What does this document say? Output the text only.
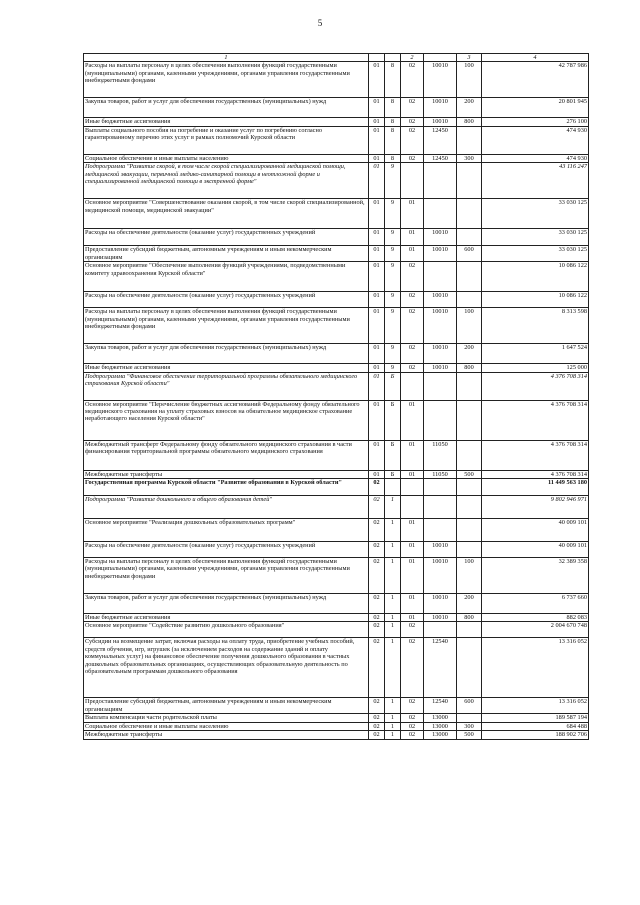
5
1			2		3	4
Расходы на выплаты персоналу в целях обеспечения выполнения функций государственными (муниципальными) органами, казенными учреждениями, органами управления государственными внебюджетными фондами	01	8	02	10010	100	42 787 986
Закупка товаров, работ и услуг для обеспечения государственных (муниципальных) нужд	01	8	02	10010	200	20 801 945
Иные бюджетные ассигнования	01	8	02	10010	800	276 100
Выплаты социального пособия на погребение и оказание услуг по погребению согласно гарантированному перечню этих услуг в рамках полномочий Курской области	01	8	02	12450		474 930
Социальное обеспечение и иные выплаты населению	01	8	02	12450	300	474 930
Подпрограмма "Развитие скорой, в том числе скорой специализированной медицинской помощи, медицинской эвакуации, первичной медико-санитарной помощи в неотложной форме и специализированной медицинской помощи в экстренной форме"	01	9				43 116 247
Основное мероприятие "Совершенствование оказания скорой, в том числе скорой специализированной, медицинской помощи, медицинской эвакуации"	01	9	01			33 030 125
Расходы на обеспечение деятельности (оказание услуг) государственных учреждений	01	9	01	10010		33 030 125
Предоставление субсидий бюджетным, автономным учреждениям и иным некоммерческим организациям	01	9	01	10010	600	33 030 125
Основное мероприятие "Обеспечение выполнения функций учреждениями, подведомственными комитету здравоохранения Курской области"	01	9	02			10 086 122
Расходы на обеспечение деятельности (оказание услуг) государственных учреждений	01	9	02	10010		10 086 122
Расходы на выплаты персоналу в целях обеспечения выполнения функций государственными (муниципальными) органами, казенными учреждениями, органами управления государственными внебюджетными фондами	01	9	02	10010	100	8 313 598
Закупка товаров, работ и услуг для обеспечения государственных (муниципальных) нужд	01	9	02	10010	200	1 647 524
Иные бюджетные ассигнования	01	9	02	10010	800	125 000
Подпрограмма "Финансовое обеспечение территориальной программы обязательного медицинского страхования Курской области"	01	Б				4 376 708 314
Основное мероприятие "Перечисление бюджетных ассигнований Федеральному фонду обязательного медицинского страхования на уплату страховых взносов на обязательное медицинское страхование неработающего населения Курской области"	01	Б	01			4 376 708 314
Межбюджетный трансферт Федеральному фонду обязательного медицинского страхования в части финансирования территориальной программы обязательного медицинского страхования	01	Б	01	11050		4 376 708 314
Межбюджетные трансферты	01	Б	01	11050	500	4 376 708 314
Государственная программа Курской области "Развитие образования в Курской области"	02					11 449 563 180
Подпрограмма "Развитие дошкольного и общего образования детей"	02	1				9 802 946 971
Основное мероприятие "Реализация дошкольных образовательных программ"	02	1	01			40 009 101
Расходы на обеспечение деятельности (оказание услуг) государственных учреждений	02	1	01	10010		40 009 101
Расходы на выплаты персоналу в целях обеспечения выполнения функций государственными (муниципальными) органами, казенными учреждениями, органами управления государственными внебюджетными фондами	02	1	01	10010	100	32 389 358
Закупка товаров, работ и услуг для обеспечения государственных (муниципальных) нужд	02	1	01	10010	200	6 737 660
Иные бюджетные ассигнования	02	1	01	10010	800	882 083
Основное мероприятие "Содействие развитию дошкольного образования"	02	1	02			2 004 670 748
Субсидии на возмещение затрат, включая расходы на оплату труда, приобретение учебных пособий, средств обучения, игр, игрушек (за исключением расходов на содержание зданий и оплату коммунальных услуг) на финансовое обеспечение получения дошкольного образования в частных дошкольных образовательных организациях, осуществляющих образовательную деятельность по образовательным программам дошкольного образования	02	1	02	12540		13 316 052
Предоставление субсидий бюджетным, автономным учреждениям и иным некоммерческим организациям	02	1	02	12540	600	13 316 052
Выплата компенсации части родительской платы	02	1	02	13000		189 587 194
Социальное обеспечение и иные выплаты населению	02	1	02	13000	300	684 488
Межбюджетные трансферты	02	1	02	13000	500	188 902 706
